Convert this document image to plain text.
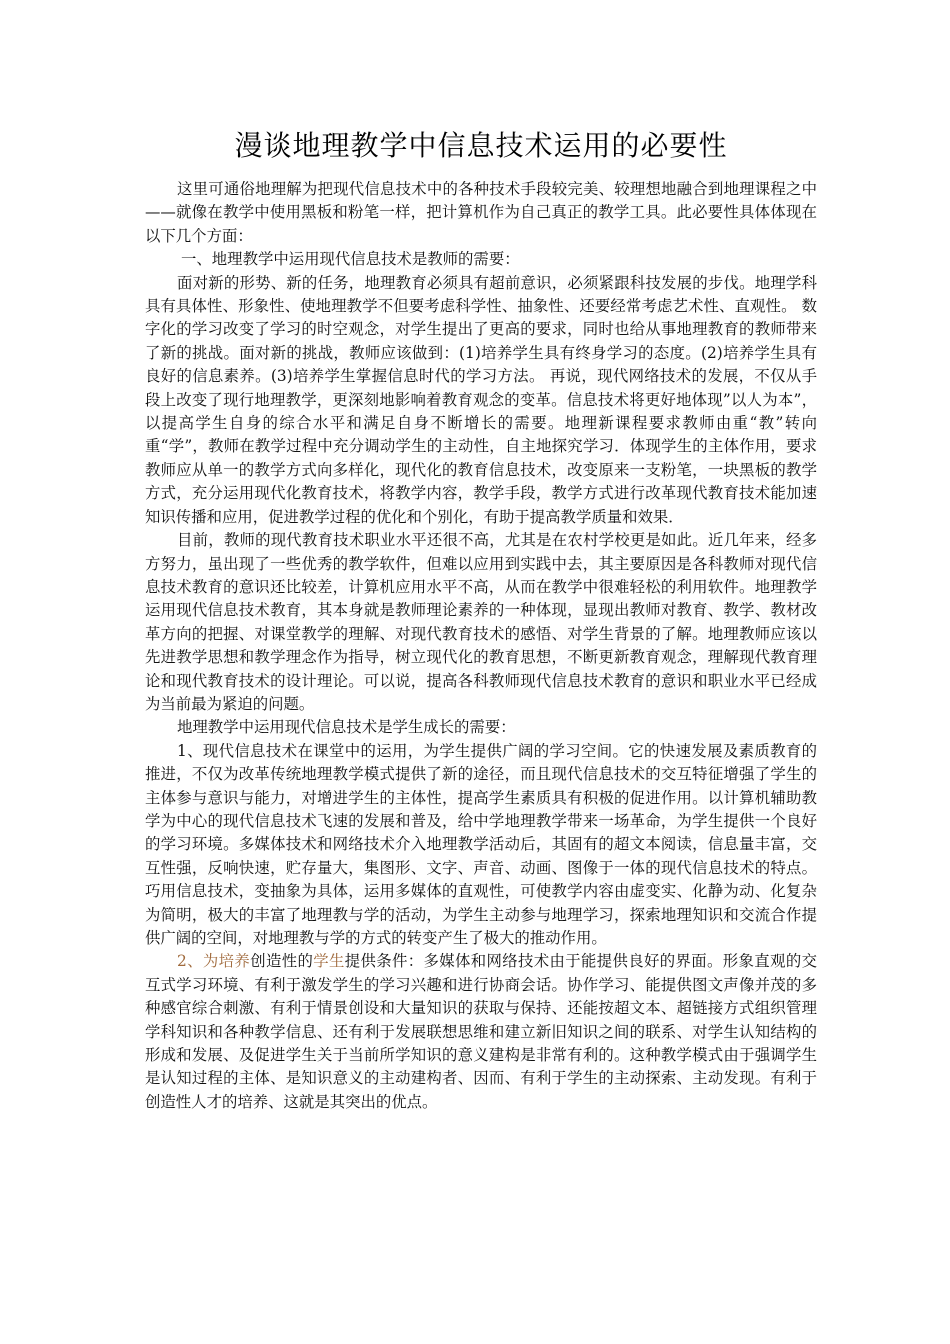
漫谈地理教学中信息技术运用的必要性

这里可通俗地理解为把现代信息技术中的各种技术手段较完美、较理想地融合到地理课程之中——就像在教学中使用黑板和粉笔一样，把计算机作为自己真正的教学工具。此必要性具体体现在以下几个方面：

一、地理教学中运用现代信息技术是教师的需要：

面对新的形势、新的任务，地理教育必须具有超前意识，必须紧跟科技发展的步伐。地理学科具有具体性、形象性、使地理教学不但要考虑科学性、抽象性、还要经常考虑艺术性、直观性。 数字化的学习改变了学习的时空观念，对学生提出了更高的要求，同时也给从事地理教育的教师带来了新的挑战。面对新的挑战，教师应该做到：(1)培养学生具有终身学习的态度。(2)培养学生具有良好的信息素养。(3)培养学生掌握信息时代的学习方法。 再说，现代网络技术的发展，不仅从手段上改变了现行地理教学，更深刻地影响着教育观念的变革。信息技术将更好地体现”以人为本”，以提高学生自身的综合水平和满足自身不断增长的需要。地理新课程要求教师由重“教”转向重“学”，教师在教学过程中充分调动学生的主动性，自主地探究学习．体现学生的主体作用，要求教师应从单一的教学方式向多样化，现代化的教育信息技术，改变原来一支粉笔，一块黑板的教学方式，充分运用现代化教育技术，将教学内容，教学手段，教学方式进行改革现代教育技术能加速知识传播和应用，促进教学过程的优化和个别化，有助于提高教学质量和效果．

目前，教师的现代教育技术职业水平还很不高，尤其是在农村学校更是如此。近几年来，经多方努力，虽出现了一些优秀的教学软件，但难以应用到实践中去，其主要原因是各科教师对现代信息技术教育的意识还比较差，计算机应用水平不高，从而在教学中很难轻松的利用软件。地理教学运用现代信息技术教育，其本身就是教师理论素养的一种体现，显现出教师对教育、教学、教材改革方向的把握、对课堂教学的理解、对现代教育技术的感悟、对学生背景的了解。地理教师应该以先进教学思想和教学理念作为指导，树立现代化的教育思想，不断更新教育观念，理解现代教育理论和现代教育技术的设计理论。可以说，提高各科教师现代信息技术教育的意识和职业水平已经成为当前最为紧迫的问题。

地理教学中运用现代信息技术是学生成长的需要：

1、现代信息技术在课堂中的运用，为学生提供广阔的学习空间。它的快速发展及素质教育的推进，不仅为改革传统地理教学模式提供了新的途径，而且现代信息技术的交互特征增强了学生的主体参与意识与能力，对增进学生的主体性，提高学生素质具有积极的促进作用。以计算机辅助教学为中心的现代信息技术飞速的发展和普及，给中学地理教学带来一场革命，为学生提供一个良好的学习环境。多媒体技术和网络技术介入地理教学活动后，其固有的超文本阅读，信息量丰富，交互性强，反响快速，贮存量大，集图形、文字、声音、动画、图像于一体的现代信息技术的特点。巧用信息技术，变抽象为具体，运用多媒体的直观性，可使教学内容由虚变实、化静为动、化复杂为简明，极大的丰富了地理教与学的活动，为学生主动参与地理学习，探索地理知识和交流合作提供广阔的空间，对地理教与学的方式的转变产生了极大的推动作用。

2、为培养创造性的学生提供条件：多媒体和网络技术由于能提供良好的界面。形象直观的交互式学习环境、有利于激发学生的学习兴趣和进行协商会话。协作学习、能提供图文声像并茂的多种感官综合刺激、有利于情景创设和大量知识的获取与保持、还能按超文本、超链接方式组织管理学科知识和各种教学信息、还有利于发展联想思维和建立新旧知识之间的联系、对学生认知结构的形成和发展、及促进学生关于当前所学知识的意义建构是非常有利的。这种教学模式由于强调学生是认知过程的主体、是知识意义的主动建构者、因而、有利于学生的主动探索、主动发现。有利于创造性人才的培养、这就是其突出的优点。
